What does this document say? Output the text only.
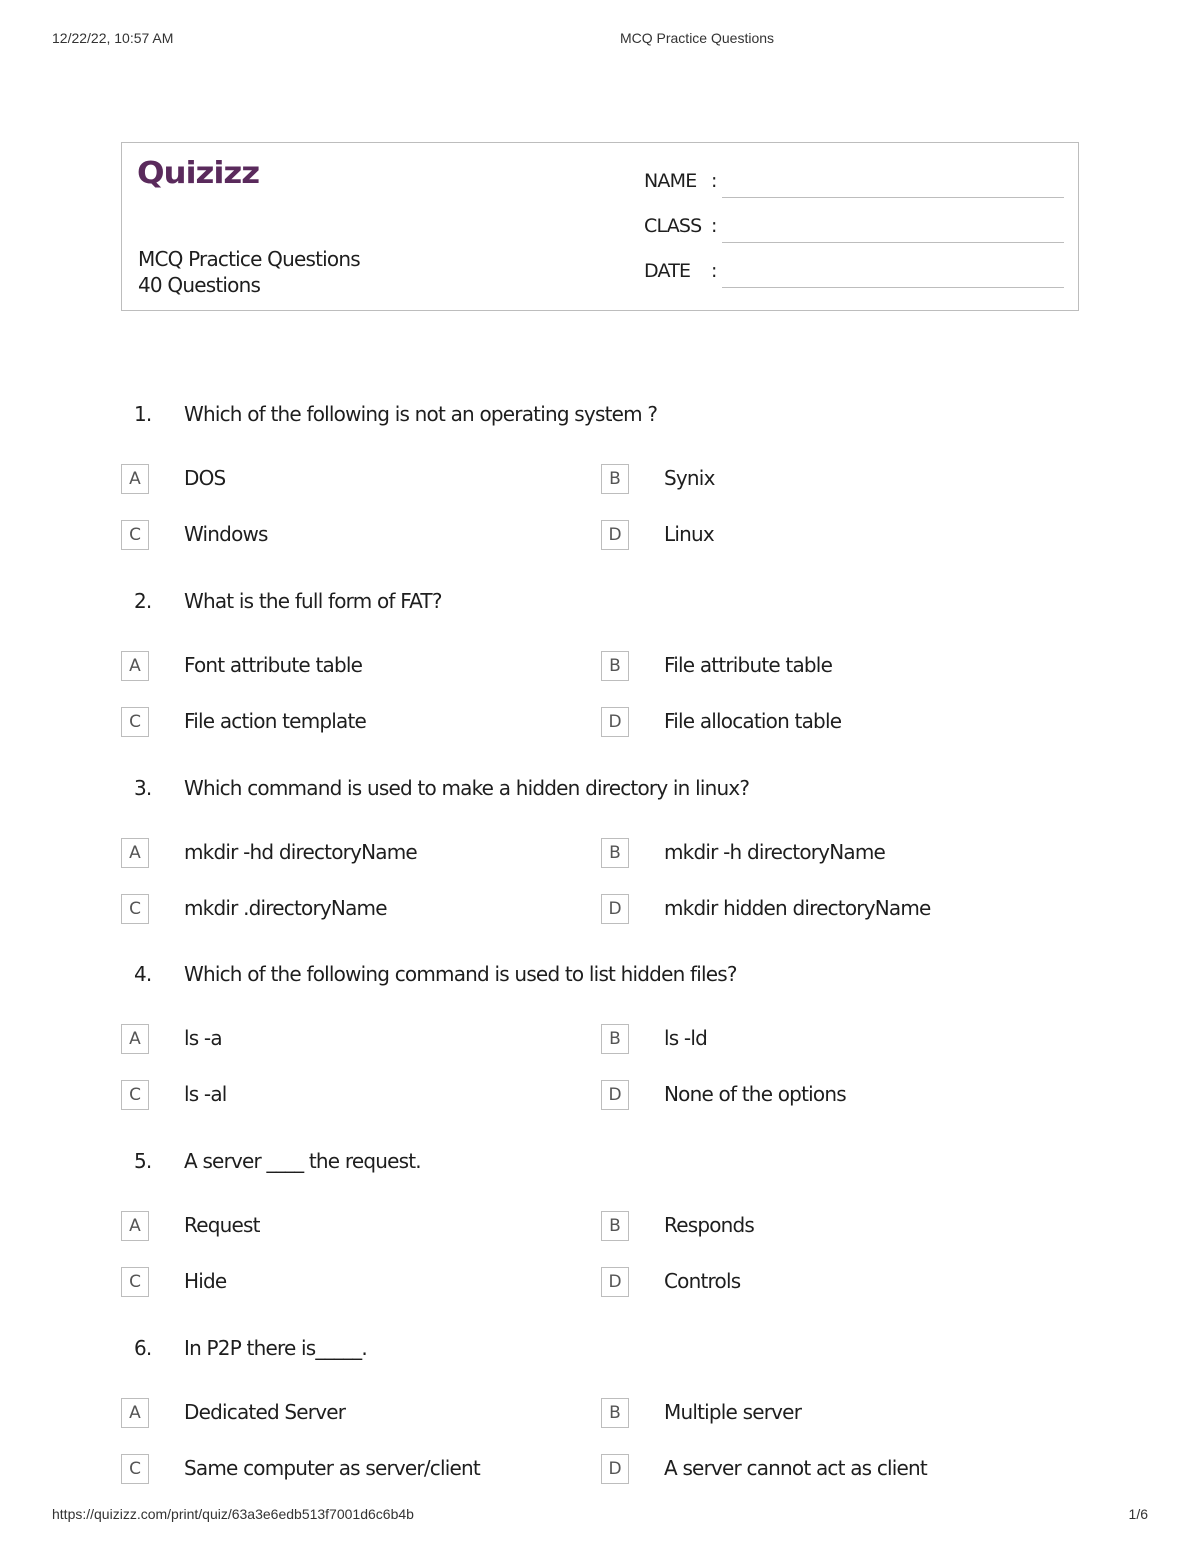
12/22/22, 10:57 AM	MCQ Practice Questions
Quizizz
MCQ Practice Questions
40 Questions
NAME :
CLASS :
DATE :
1. Which of the following is not an operating system ?
A	DOS	B	Synix
C	Windows	D	Linux
2. What is the full form of FAT?
A	Font attribute table	B	File attribute table
C	File action template	D	File allocation table
3. Which command is used to make a hidden directory in linux?
A	mkdir -hd directoryName	B	mkdir -h directoryName
C	mkdir .directoryName	D	mkdir hidden directoryName
4. Which of the following command is used to list hidden files?
A	ls -a	B	ls -ld
C	ls -al	D	None of the options
5. A server ____ the request.
A	Request	B	Responds
C	Hide	D	Controls
6. In P2P there is_____.
A	Dedicated Server	B	Multiple server
C	Same computer as server/client	D	A server cannot act as client
https://quizizz.com/print/quiz/63a3e6edb513f7001d6c6b4b	1/6
